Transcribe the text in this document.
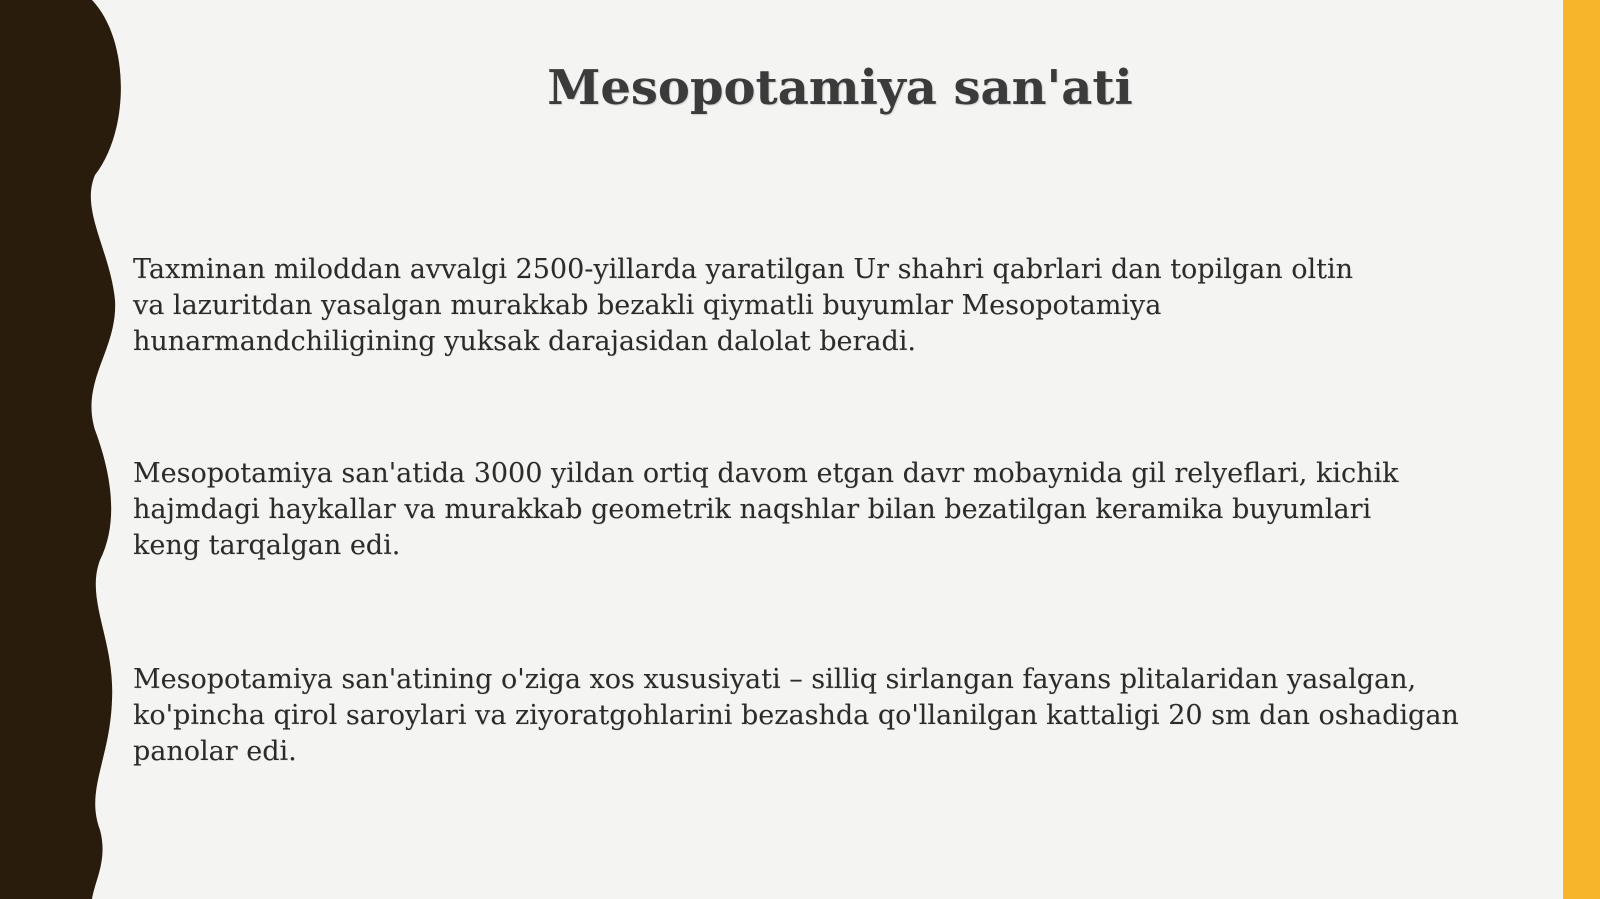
Mesopotamiya san'ati

Taxminan miloddan avvalgi 2500-yillarda yaratilgan Ur shahri qabrlari dan topilgan oltin
va lazuritdan yasalgan murakkab bezakli qiymatli buyumlar Mesopotamiya
hunarmandchiligining yuksak darajasidan dalolat beradi.

Mesopotamiya san'atida 3000 yildan ortiq davom etgan davr mobaynida gil relyeflari, kichik
hajmdagi haykallar va murakkab geometrik naqshlar bilan bezatilgan keramika buyumlari
keng tarqalgan edi.

Mesopotamiya san'atining o'ziga xos xususiyati – silliq sirlangan fayans plitalaridan yasalgan,
ko'pincha qirol saroylari va ziyoratgohlarini bezashda qo'llanilgan kattaligi 20 sm dan oshadigan
panolar edi.
